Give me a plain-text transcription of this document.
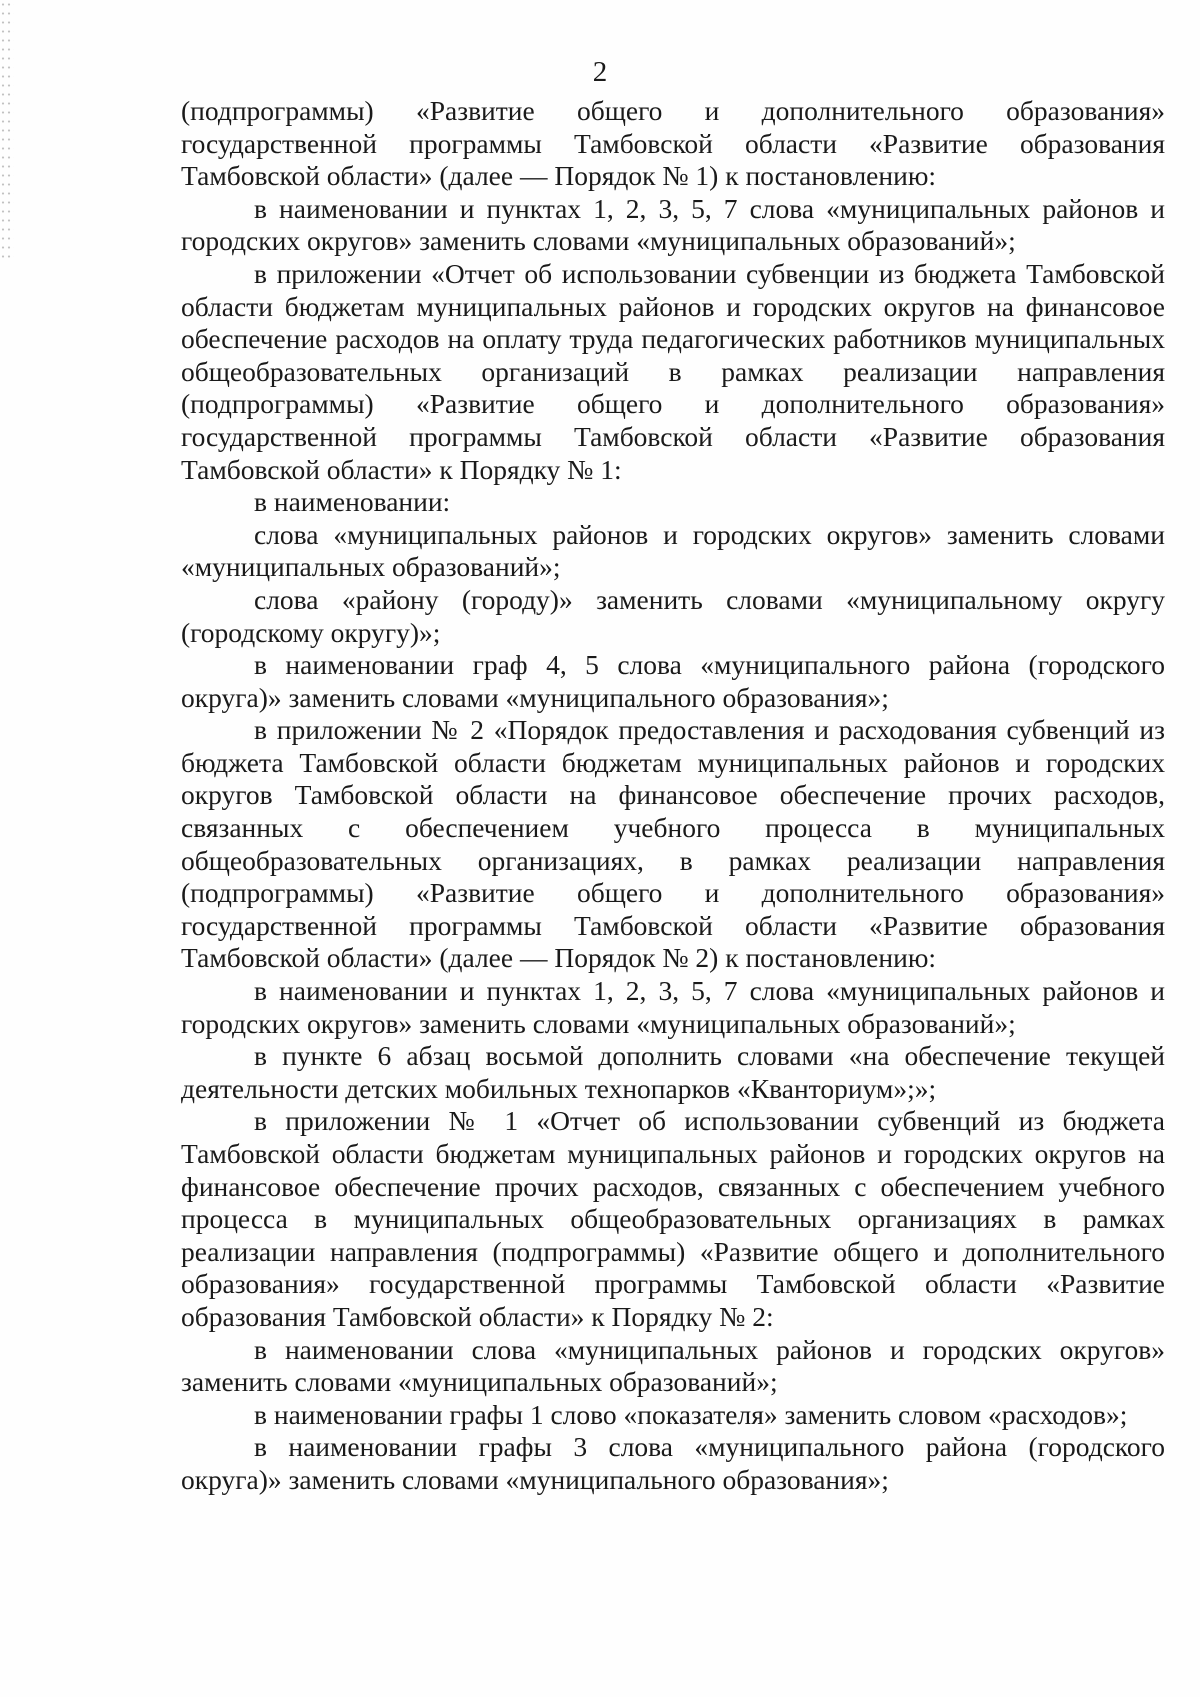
2

(подпрограммы) «Развитие общего и дополнительного образования» государственной программы Тамбовской области «Развитие образования Тамбовской области» (далее — Порядок № 1) к постановлению:

в наименовании и пунктах 1, 2, 3, 5, 7 слова «муниципальных районов и городских округов» заменить словами «муниципальных образований»;

в приложении «Отчет об использовании субвенции из бюджета Тамбовской области бюджетам муниципальных районов и городских округов на финансовое обеспечение расходов на оплату труда педагогических работников муниципальных общеобразовательных организаций в рамках реализации направления (подпрограммы) «Развитие общего и дополнительного образования» государственной программы Тамбовской области «Развитие образования Тамбовской области» к Порядку № 1:

в наименовании:

слова «муниципальных районов и городских округов» заменить словами «муниципальных образований»;

слова «району (городу)» заменить словами «муниципальному округу (городскому округу)»;

в наименовании граф 4, 5 слова «муниципального района (городского округа)» заменить словами «муниципального образования»;

в приложении № 2 «Порядок предоставления и расходования субвенций из бюджета Тамбовской области бюджетам муниципальных районов и городских округов Тамбовской области на финансовое обеспечение прочих расходов, связанных с обеспечением учебного процесса в муниципальных общеобразовательных организациях, в рамках реализации направления (подпрограммы) «Развитие общего и дополнительного образования» государственной программы Тамбовской области «Развитие образования Тамбовской области» (далее — Порядок № 2) к постановлению:

в наименовании и пунктах 1, 2, 3, 5, 7 слова «муниципальных районов и городских округов» заменить словами «муниципальных образований»;

в пункте 6 абзац восьмой дополнить словами «на обеспечение текущей деятельности детских мобильных технопарков «Кванториум»;»;

в приложении № 1 «Отчет об использовании субвенций из бюджета Тамбовской области бюджетам муниципальных районов и городских округов на финансовое обеспечение прочих расходов, связанных с обеспечением учебного процесса в муниципальных общеобразовательных организациях в рамках реализации направления (подпрограммы) «Развитие общего и дополнительного образования» государственной программы Тамбовской области «Развитие образования Тамбовской области» к Порядку № 2:

в наименовании слова «муниципальных районов и городских округов» заменить словами «муниципальных образований»;

в наименовании графы 1 слово «показателя» заменить словом «расходов»;

в наименовании графы 3 слова «муниципального района (городского округа)» заменить словами «муниципального образования»;
